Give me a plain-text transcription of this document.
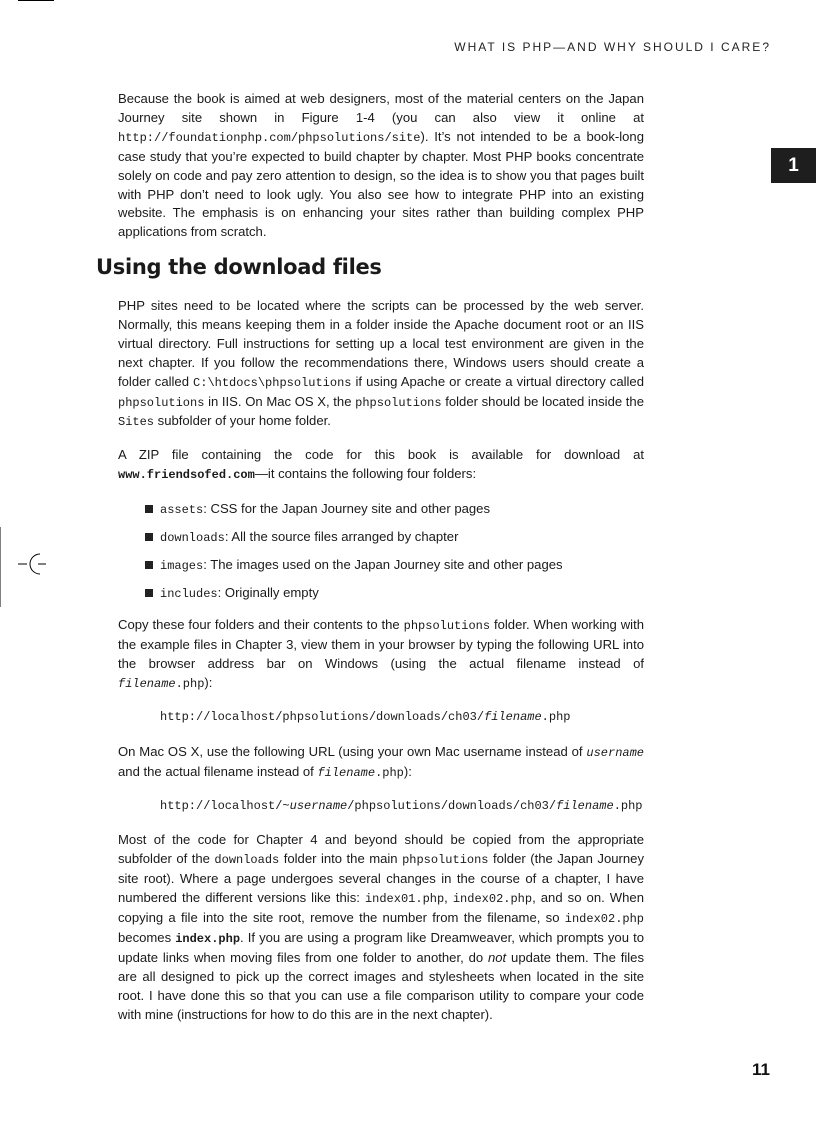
WHAT IS PHP—AND WHY SHOULD I CARE?
1

Because the book is aimed at web designers, most of the material centers on the Japan Journey site shown in Figure 1-4 (you can also view it online at http://foundationphp.com/phpsolutions/site). It’s not intended to be a book-long case study that you’re expected to build chapter by chapter. Most PHP books concentrate solely on code and pay zero attention to design, so the idea is to show you that pages built with PHP don’t need to look ugly. You also see how to integrate PHP into an existing website. The emphasis is on enhancing your sites rather than building complex PHP applications from scratch.

Using the download files

PHP sites need to be located where the scripts can be processed by the web server. Normally, this means keeping them in a folder inside the Apache document root or an IIS virtual directory. Full instructions for setting up a local test environment are given in the next chapter. If you follow the recommendations there, Windows users should create a folder called C:\htdocs\phpsolutions if using Apache or create a virtual directory called phpsolutions in IIS. On Mac OS X, the phpsolutions folder should be located inside the Sites subfolder of your home folder.

A ZIP file containing the code for this book is available for download at www.friendsofed.com—it contains the following four folders:

assets: CSS for the Japan Journey site and other pages
downloads: All the source files arranged by chapter
images: The images used on the Japan Journey site and other pages
includes: Originally empty

Copy these four folders and their contents to the phpsolutions folder. When working with the example files in Chapter 3, view them in your browser by typing the following URL into the browser address bar on Windows (using the actual filename instead of filename.php):

http://localhost/phpsolutions/downloads/ch03/filename.php

On Mac OS X, use the following URL (using your own Mac username instead of username and the actual filename instead of filename.php):

http://localhost/~username/phpsolutions/downloads/ch03/filename.php

Most of the code for Chapter 4 and beyond should be copied from the appropriate subfolder of the downloads folder into the main phpsolutions folder (the Japan Journey site root). Where a page undergoes several changes in the course of a chapter, I have numbered the different versions like this: index01.php, index02.php, and so on. When copying a file into the site root, remove the number from the filename, so index02.php becomes index.php. If you are using a program like Dreamweaver, which prompts you to update links when moving files from one folder to another, do not update them. The files are all designed to pick up the correct images and stylesheets when located in the site root. I have done this so that you can use a file comparison utility to compare your code with mine (instructions for how to do this are in the next chapter).

11
